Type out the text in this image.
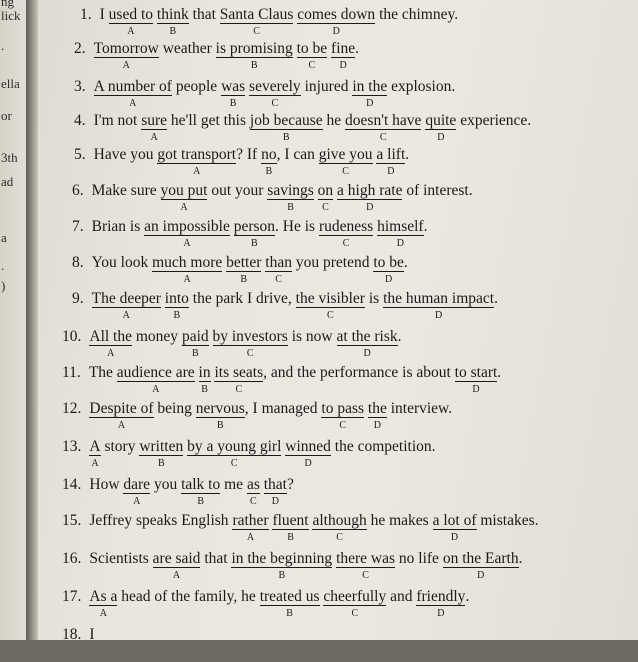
ng
lick
.
ella
or
3th
ad
a
.
)
1. I used to
A
think
B
that Santa Claus
C
comes down
D
the chimney.
2. Tomorrow
A
weather is promising
B
to be
C
fine
D
.
3. A number of
A
people was
B
severely
C
injured in the
D
explosion.
4. I'm not sure
A
he'll get this job because
B
he doesn't have
C
quite
D
experience.
5. Have you got transport
A
? If no
B
, I can give you
C
a lift
D
.
6. Make sure you put
A
out your savings
B
on
C
a high rate
D
of interest.
7. Brian is an impossible
A
person
B
. He is rudeness
C
himself
D
.
8. You look much more
A
better
B
than
C
you pretend to be
D
.
9. The deeper
A
into
B
the park I drive, the visibler
C
is the human impact
D
.
10. All the
A
money paid
B
by investors
C
is now at the risk
D
.
11. The audience are
A
in
B
its seats
C
, and the performance is about to start
D
.
12. Despite of
A
being nervous
B
, I managed to pass
C
the
D
interview.
13. A
A
story written
B
by a young girl
C
winned
D
the competition.
14. How dare
A
you talk to
B
me as
C
that
D
?
15. Jeffrey speaks English rather
A
fluent
B
although
C
he makes a lot of
D
mistakes.
16. Scientists are said
A
that in the beginning
B
there was
C
no life on the Earth
D
.
17. As a
A
head of the family, he treated us
B
cheerfully
C
and friendly
D
.
18. I
